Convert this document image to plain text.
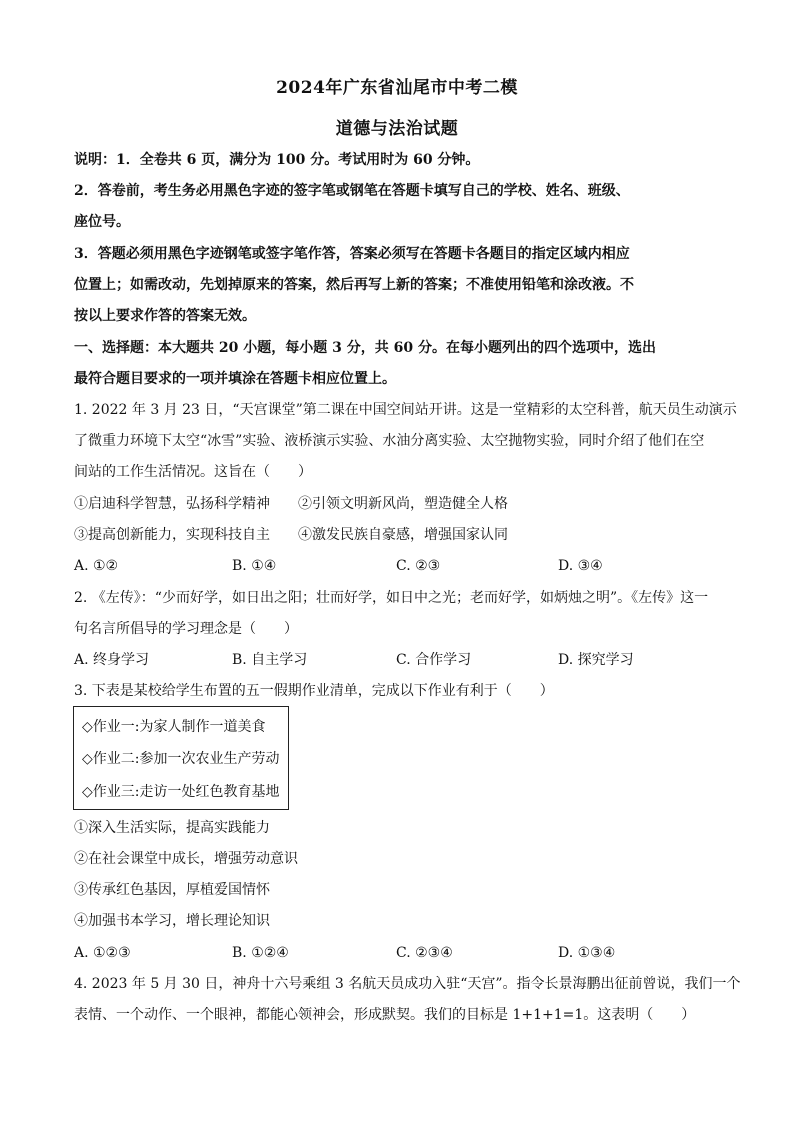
2024年广东省汕尾市中考二模
道德与法治试题
说明：1．全卷共 6 页，满分为 100 分。考试用时为 60 分钟。
2．答卷前，考生务必用黑色字迹的签字笔或钢笔在答题卡填写自己的学校、姓名、班级、
座位号。
3．答题必须用黑色字迹钢笔或签字笔作答，答案必须写在答题卡各题目的指定区域内相应
位置上；如需改动，先划掉原来的答案，然后再写上新的答案；不准使用铅笔和涂改液。不
按以上要求作答的答案无效。
一、选择题：本大题共 20 小题，每小题 3 分，共 60 分。在每小题列出的四个选项中，选出
最符合题目要求的一项并填涂在答题卡相应位置上。
1. 2022 年 3 月 23 日，“天宫课堂”第二课在中国空间站开讲。这是一堂精彩的太空科普，航天员生动演示
了微重力环境下太空“冰雪”实验、液桥演示实验、水油分离实验、太空抛物实验，同时介绍了他们在空
间站的工作生活情况。这旨在（　　）
①启迪科学智慧，弘扬科学精神　　②引领文明新风尚，塑造健全人格
③提高创新能力，实现科技自主　　④激发民族自豪感，增强国家认同
A. ①②	B. ①④	C. ②③	D. ③④
2. 《左传》：“少而好学，如日出之阳；壮而好学，如日中之光；老而好学，如炳烛之明”。《左传》这一
句名言所倡导的学习理念是（　　）
A. 终身学习	B. 自主学习	C. 合作学习	D. 探究学习
3. 下表是某校给学生布置的五一假期作业清单，完成以下作业有利于（　　）
◇作业一:为家人制作一道美食
◇作业二:参加一次农业生产劳动
◇作业三:走访一处红色教育基地
①深入生活实际，提高实践能力
②在社会课堂中成长，增强劳动意识
③传承红色基因，厚植爱国情怀
④加强书本学习，增长理论知识
A. ①②③	B. ①②④	C. ②③④	D. ①③④
4. 2023 年 5 月 30 日，神舟十六号乘组 3 名航天员成功入驻“天宫”。指令长景海鹏出征前曾说，我们一个
表情、一个动作、一个眼神，都能心领神会，形成默契。我们的目标是 1+1+1=1。这表明（　　）
